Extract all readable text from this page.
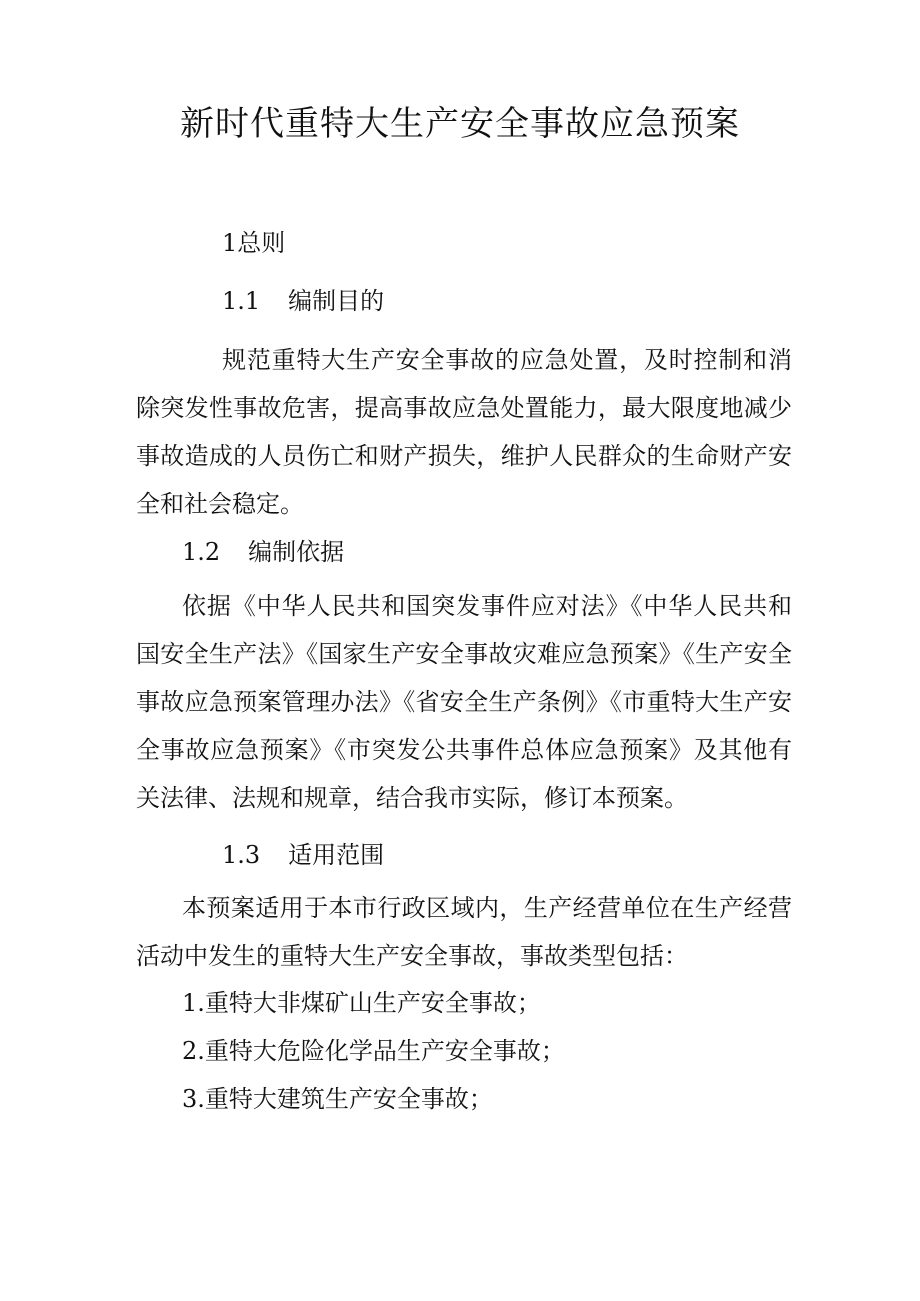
新时代重特大生产安全事故应急预案
1总则
1.1 编制目的
规范重特大生产安全事故的应急处置，及时控制和消除突发性事故危害，提高事故应急处置能力，最大限度地减少事故造成的人员伤亡和财产损失，维护人民群众的生命财产安全和社会稳定。
1.2 编制依据
依据《中华人民共和国突发事件应对法》《中华人民共和国安全生产法》《国家生产安全事故灾难应急预案》《生产安全事故应急预案管理办法》《省安全生产条例》《市重特大生产安全事故应急预案》《市突发公共事件总体应急预案》及其他有关法律、法规和规章，结合我市实际，修订本预案。
1.3 适用范围
本预案适用于本市行政区域内，生产经营单位在生产经营活动中发生的重特大生产安全事故，事故类型包括：
1.重特大非煤矿山生产安全事故；
2.重特大危险化学品生产安全事故；
3.重特大建筑生产安全事故；
